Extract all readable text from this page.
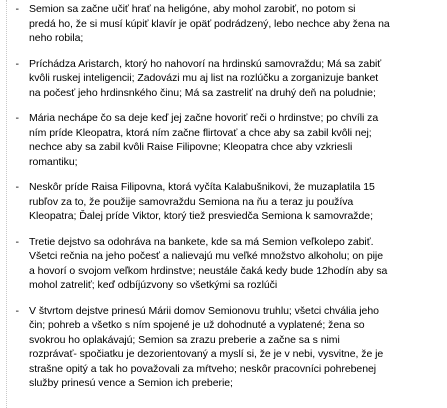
- Semion sa začne učiť hrať na heligóne, aby mohol zarobiť, no potom si
predá ho, že si musí kúpiť klavír je opäť podrádzený, lebo nechce aby žena na
neho robila;
- Príchádza Aristarch, ktorý ho nahovorí na hrdinskú samovraždu; Má sa zabiť
kvôli ruskej inteligencii; Zadovázi mu aj list na rozlúčku a zorganizuje banket
na počesť jeho hrdinsnkého činu; Má sa zastreliť na druhý deň na poludnie;
- Mária nechápe čo sa deje keď jej začne hovoriť reči o hrdinstve; po chvíli za
ním príde Kleopatra, ktorá ním začne flirtovať a chce aby sa zabil kvôli nej;
nechce aby sa zabil kvôli Raise Filipovne; Kleopatra chce aby vzkriesli
romantiku;
- Neskôr príde Raisa Filipovna, ktorá vyčíta Kalabušnikovi, že muzaplatila 15
rubľov za to, že použije samovraždu Semiona na ňu a teraz ju používa
Kleopatra; Ďalej príde Viktor, ktorý tiež presviedča Semiona k samovražde;
- Tretie dejstvo sa odohráva na bankete, kde sa má Semion veľkolepo zabiť.
Všetci rečnia na jeho počesť a nalievajú mu veľké množstvo alkoholu; on pije
a hovorí o svojom veľkom hrdinstve; neustále čaká kedy bude 12hodín aby sa
mohol zatreliť; keď odbíjúzvony so všetkými sa rozlúči
- V štvrtom dejstve prinesú Márii domov Semionovu truhlu; všetci chvália jeho
čin; pohreb a všetko s ním spojené je už dohodnuté a vyplatené; žena so
svokrou ho oplakávajú; Semion sa zrazu preberie a začne sa s nimi
rozprávať- spočiatku je dezorientovaný a myslí si, že je v nebi, vysvitne, že je
strašne opitý a tak ho považovali za mŕtveho; neskôr pracovníci pohrebenej
služby prinesú vence a Semion ich preberie;
